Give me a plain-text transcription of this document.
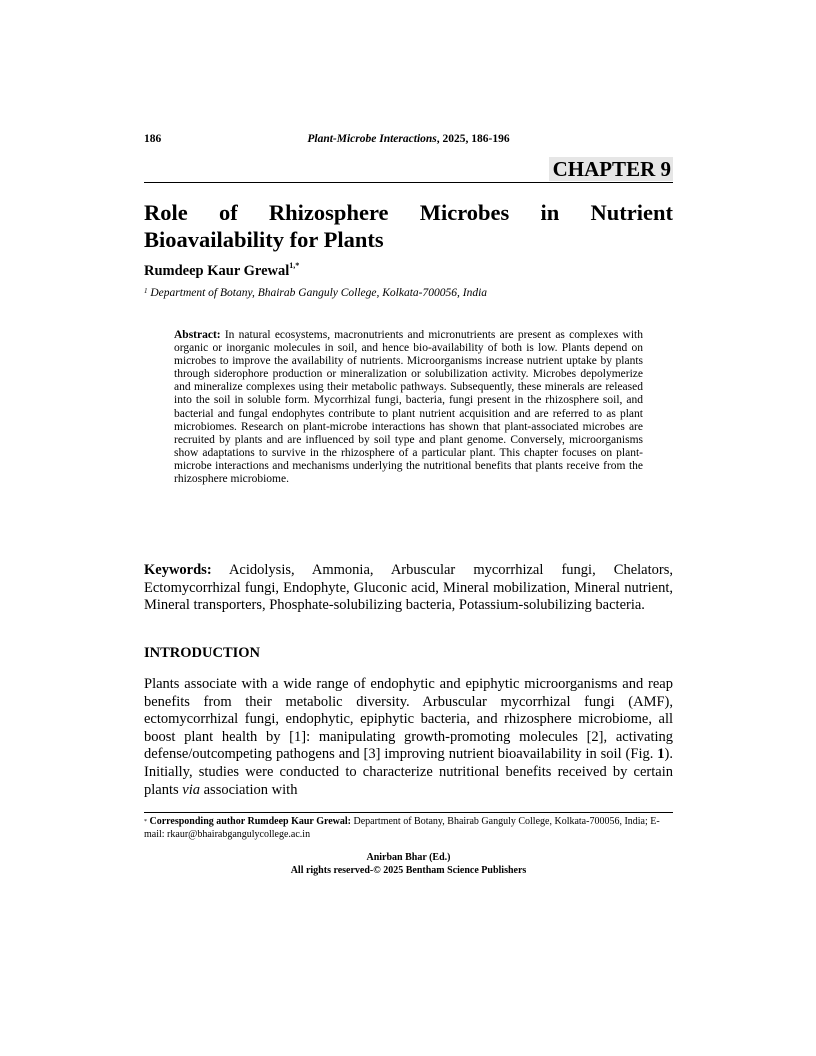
186	Plant-Microbe Interactions, 2025, 186-196
CHAPTER 9
Role of Rhizosphere Microbes in Nutrient
Bioavailability for Plants
Rumdeep Kaur Grewal$^{1,*}$
$^1$ Department of Botany, Bhairab Ganguly College, Kolkata-700056, India

Abstract: In natural ecosystems, macronutrients and micronutrients are present as complexes with organic or inorganic molecules in soil, and hence bio-availability of both is low. Plants depend on microbes to improve the availability of nutrients. Microorganisms increase nutrient uptake by plants through siderophore production or mineralization or solubilization activity. Microbes depolymerize and mineralize complexes using their metabolic pathways. Subsequently, these minerals are released into the soil in soluble form. Mycorrhizal fungi, bacteria, fungi present in the rhizosphere soil, and bacterial and fungal endophytes contribute to plant nutrient acquisition and are referred to as plant microbiomes. Research on plant-microbe interactions has shown that plant-associated microbes are recruited by plants and are influenced by soil type and plant genome. Conversely, microorganisms show adaptations to survive in the rhizosphere of a particular plant. This chapter focuses on plant-microbe interactions and mechanisms underlying the nutritional benefits that plants receive from the rhizosphere microbiome.

Keywords: Acidolysis, Ammonia, Arbuscular mycorrhizal fungi, Chelators, Ectomycorrhizal fungi, Endophyte, Gluconic acid, Mineral mobilization, Mineral nutrient, Mineral transporters, Phosphate-solubilizing bacteria, Potassium-solubilizing bacteria.

INTRODUCTION

Plants associate with a wide range of endophytic and epiphytic microorganisms and reap benefits from their metabolic diversity. Arbuscular mycorrhizal fungi (AMF), ectomycorrhizal fungi, endophytic, epiphytic bacteria, and rhizosphere microbiome, all boost plant health by [1]: manipulating growth-promoting molecules [2], activating defense/outcompeting pathogens and [3] improving nutrient bioavailability in soil (Fig. 1). Initially, studies were conducted to characterize nutritional benefits received by certain plants via association with

* Corresponding author Rumdeep Kaur Grewal: Department of Botany, Bhairab Ganguly College, Kolkata-700056, India; E-mail: rkaur@bhairabgangulycollege.ac.in

Anirban Bhar (Ed.)
All rights reserved-© 2025 Bentham Science Publishers
